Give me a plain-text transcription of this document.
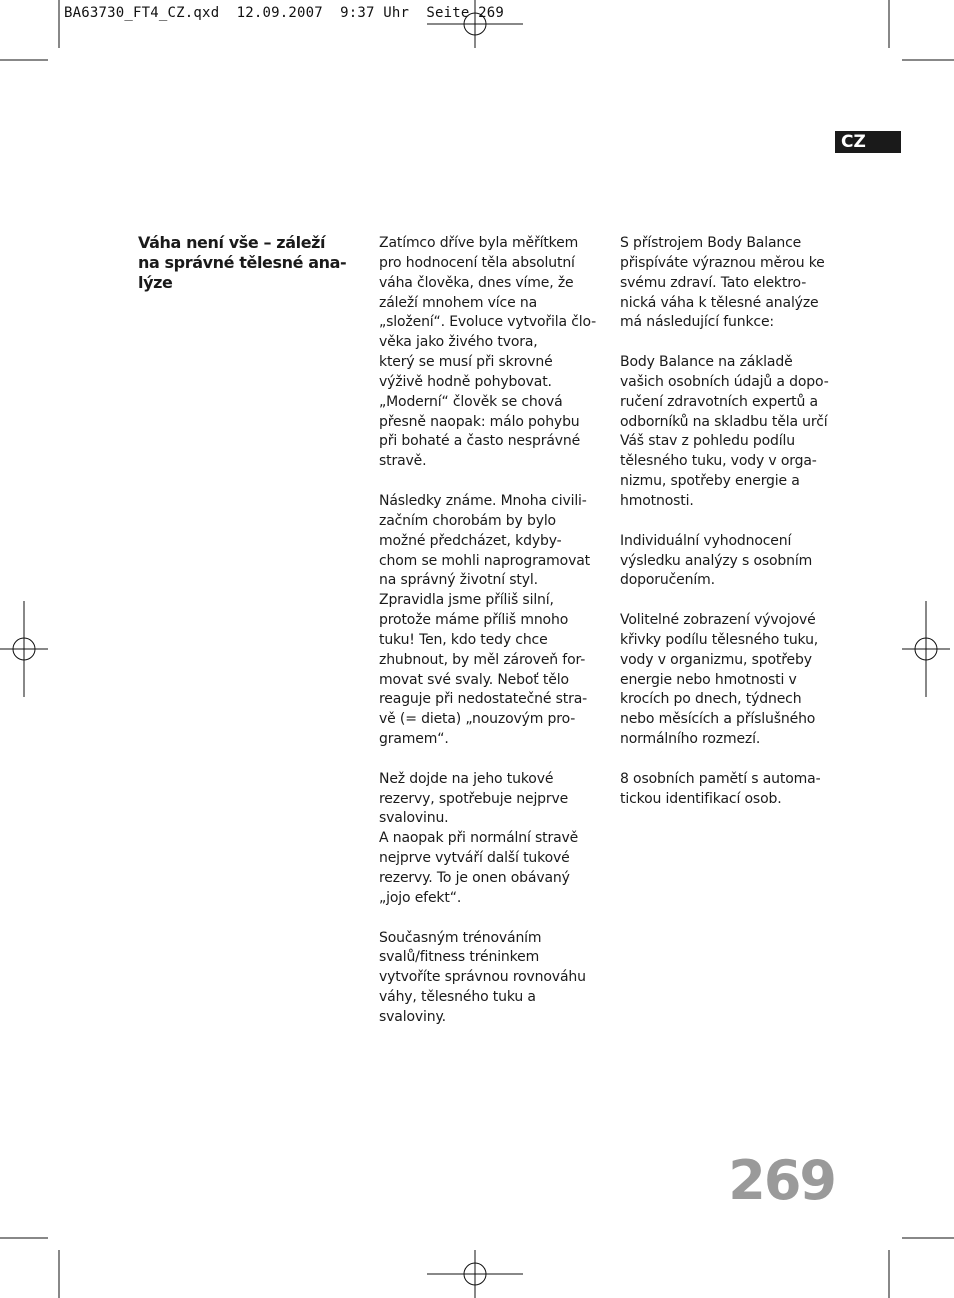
BA63730_FT4_CZ.qxd  12.09.2007  9:37 Uhr  Seite 269
CZ
Váha není vše – záleží
na správné tělesné ana-
lýze

Zatímco dříve byla měřítkem
pro hodnocení těla absolutní
váha člověka, dnes víme, že
záleží mnohem více na
„složení“. Evoluce vytvořila člo-
věka jako živého tvora,
který se musí při skrovné
výživě hodně pohybovat.
„Moderní“ člověk se chová
přesně naopak: málo pohybu
při bohaté a často nesprávné
stravě.

Následky známe. Mnoha civili-
začním chorobám by bylo
možné předcházet, kdyby-
chom se mohli naprogramovat
na správný životní styl.
Zpravidla jsme příliš silní,
protože máme příliš mnoho
tuku! Ten, kdo tedy chce
zhubnout, by měl zároveň for-
movat své svaly. Neboť tělo
reaguje při nedostatečné stra-
vě (= dieta) „nouzovým pro-
gramem“.

Než dojde na jeho tukové
rezervy, spotřebuje nejprve
svalovinu.
A naopak při normální stravě
nejprve vytváří další tukové
rezervy. To je onen obávaný
„jojo efekt“.

Současným trénováním
svalů/fitness tréninkem
vytvoříte správnou rovnováhu
váhy, tělesného tuku a
svaloviny.

S přístrojem Body Balance
přispíváte výraznou měrou ke
svému zdraví. Tato elektro-
nická váha k tělesné analýze
má následující funkce:

Body Balance na základě
vašich osobních údajů a dopo-
ručení zdravotních expertů a
odborníků na skladbu těla určí
Váš stav z pohledu podílu
tělesného tuku, vody v orga-
nizmu, spotřeby energie a
hmotnosti.

Individuální vyhodnocení
výsledku analýzy s osobním
doporučením.

Volitelné zobrazení vývojové
křivky podílu tělesného tuku,
vody v organizmu, spotřeby
energie nebo hmotnosti v
krocích po dnech, týdnech
nebo měsících a příslušného
normálního rozmezí.

8 osobních pamětí s automa-
tickou identifikací osob.

269
